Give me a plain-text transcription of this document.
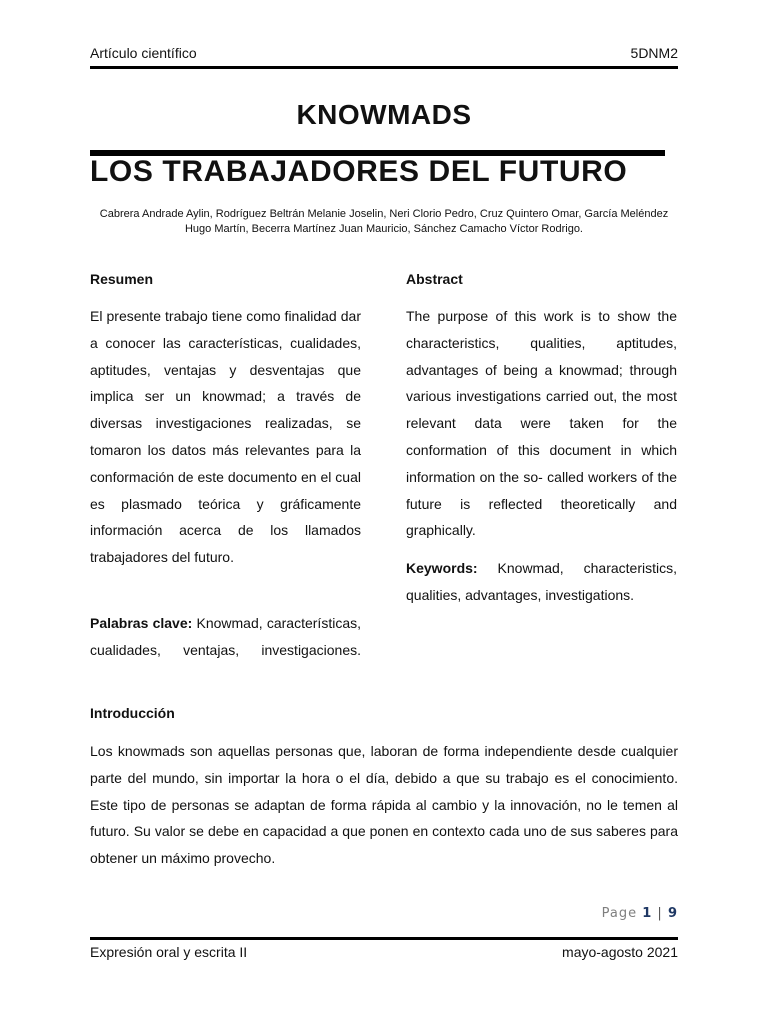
Artículo científico	5DNM2
KNOWMADS
LOS TRABAJADORES DEL FUTURO
Cabrera Andrade Aylin, Rodríguez Beltrán Melanie Joselin, Neri Clorio Pedro, Cruz Quintero Omar, García Meléndez Hugo Martín, Becerra Martínez Juan Mauricio, Sánchez Camacho Víctor Rodrigo.
Resumen
El presente trabajo tiene como finalidad dar a conocer las características, cualidades, aptitudes, ventajas y desventajas que implica ser un knowmad; a través de diversas investigaciones realizadas, se tomaron los datos más relevantes para la conformación de este documento en el cual es plasmado teórica y gráficamente información acerca de los llamados trabajadores del futuro.
Palabras clave: Knowmad, características, cualidades, ventajas, investigaciones.
Abstract
The purpose of this work is to show the characteristics, qualities, aptitudes, advantages of being a knowmad; through various investigations carried out, the most relevant data were taken for the conformation of this document in which information on the so- called workers of the future is reflected theoretically and graphically.
Keywords: Knowmad, characteristics, qualities, advantages, investigations.
Introducción
Los knowmads son aquellas personas que, laboran de forma independiente desde cualquier parte del mundo, sin importar la hora o el día, debido a que su trabajo es el conocimiento. Este tipo de personas se adaptan de forma rápida al cambio y la innovación, no le temen al futuro. Su valor se debe en capacidad a que ponen en contexto cada uno de sus saberes para obtener un máximo provecho.
Page 1 | 9
Expresión oral y escrita II	mayo-agosto 2021
